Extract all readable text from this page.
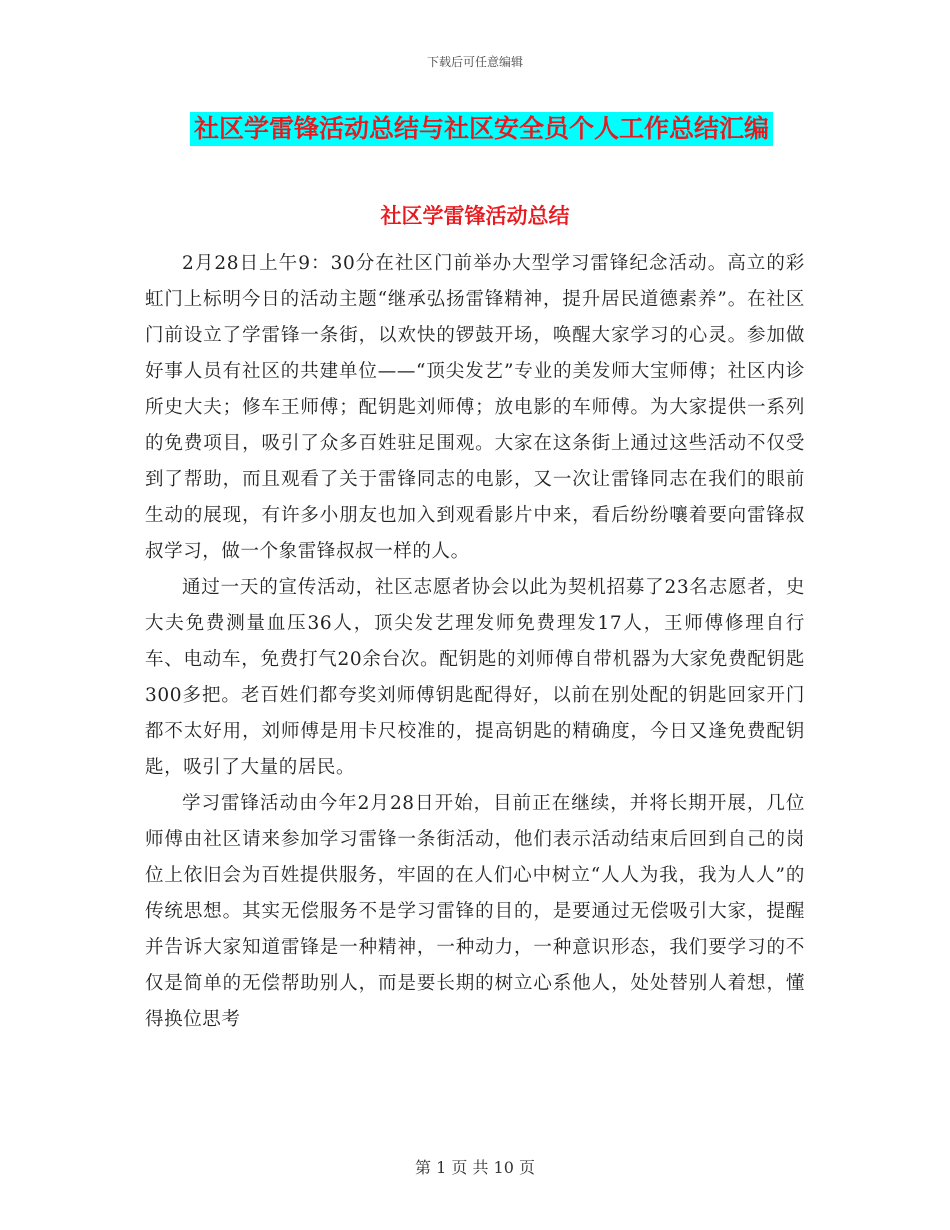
下载后可任意编辑
社区学雷锋活动总结与社区安全员个人工作总结汇编
社区学雷锋活动总结

2月28日上午9：30分在社区门前举办大型学习雷锋纪念活动。高立的彩虹门上标明今日的活动主题“继承弘扬雷锋精神，提升居民道德素养”。在社区门前设立了学雷锋一条街，以欢快的锣鼓开场，唤醒大家学习的心灵。参加做好事人员有社区的共建单位——“顶尖发艺”专业的美发师大宝师傅；社区内诊所史大夫；修车王师傅；配钥匙刘师傅；放电影的车师傅。为大家提供一系列的免费项目，吸引了众多百姓驻足围观。大家在这条街上通过这些活动不仅受到了帮助，而且观看了关于雷锋同志的电影，又一次让雷锋同志在我们的眼前生动的展现，有许多小朋友也加入到观看影片中来，看后纷纷嚷着要向雷锋叔叔学习，做一个象雷锋叔叔一样的人。

通过一天的宣传活动，社区志愿者协会以此为契机招募了23名志愿者，史大夫免费测量血压36人，顶尖发艺理发师免费理发17人，王师傅修理自行车、电动车，免费打气20余台次。配钥匙的刘师傅自带机器为大家免费配钥匙300多把。老百姓们都夸奖刘师傅钥匙配得好，以前在别处配的钥匙回家开门都不太好用，刘师傅是用卡尺校准的，提高钥匙的精确度，今日又逢免费配钥匙，吸引了大量的居民。

学习雷锋活动由今年2月28日开始，目前正在继续，并将长期开展，几位师傅由社区请来参加学习雷锋一条街活动，他们表示活动结束后回到自己的岗位上依旧会为百姓提供服务，牢固的在人们心中树立“人人为我，我为人人”的传统思想。其实无偿服务不是学习雷锋的目的，是要通过无偿吸引大家，提醒并告诉大家知道雷锋是一种精神，一种动力，一种意识形态，我们要学习的不仅是简单的无偿帮助别人，而是要长期的树立心系他人，处处替别人着想，懂得换位思考

第 1 页 共 10 页
